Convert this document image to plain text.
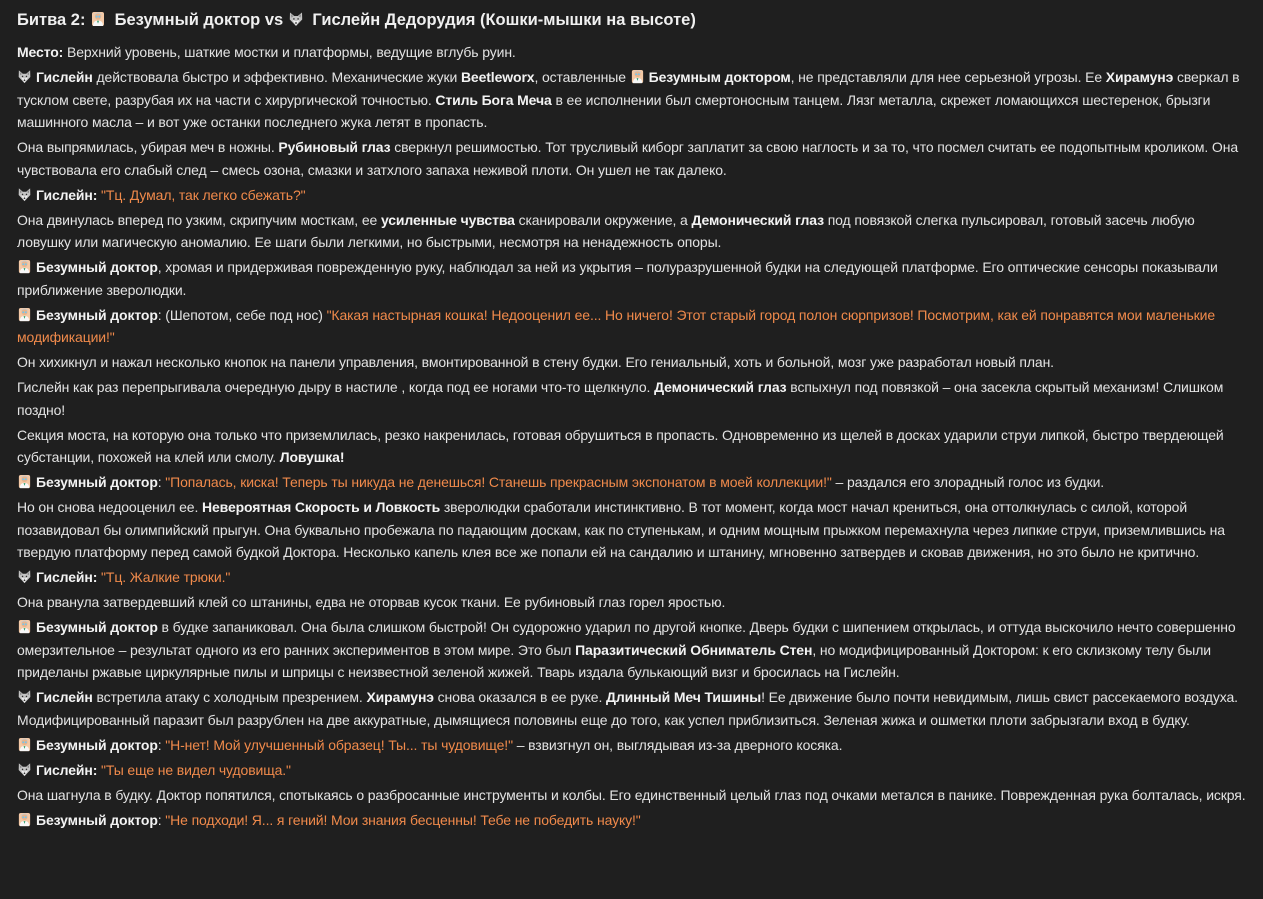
Битва 2: Безумный доктор vs Гислейн Дедорудия (Кошки-мышки на высоте)

Место: Верхний уровень, шаткие мостки и платформы, ведущие вглубь руин.

Гислейн действовала быстро и эффективно. Механические жуки Beetleworx, оставленные
Безумным доктором, не представляли для нее серьезной угрозы. Ее Хирамунэ сверкал в тусклом свете, разрубая их на части с хирургической точностью. Стиль Бога Меча в ее исполнении был смертоносным танцем. Лязг металла, скрежет ломающихся шестеренок, брызги машинного масла – и вот уже останки последнего жука летят в пропасть.

Она выпрямилась, убирая меч в ножны. Рубиновый глаз сверкнул решимостью. Тот трусливый киборг заплатит за свою наглость и за то, что посмел считать ее подопытным кроликом. Она чувствовала его слабый след – смесь озона, смазки и затхлого запаха неживой плоти. Он ушел не так далеко.

Гислейн: "Тц. Думал, так легко сбежать?"

Она двинулась вперед по узким, скрипучим мосткам, ее усиленные чувства сканировали окружение, а Демонический глаз под повязкой слегка пульсировал, готовый засечь любую ловушку или магическую аномалию. Ее шаги были легкими, но быстрыми, несмотря на ненадежность опоры.

Безумный доктор, хромая и придерживая поврежденную руку, наблюдал за ней из укрытия – полуразрушенной будки на следующей платформе. Его оптические сенсоры показывали приближение зверолюдки.

Безумный доктор: (Шепотом, себе под нос) "Какая настырная кошка! Недооценил ее... Но ничего! Этот старый город полон сюрпризов! Посмотрим, как ей понравятся мои маленькие модификации!"

Он хихикнул и нажал несколько кнопок на панели управления, вмонтированной в стену будки. Его гениальный, хоть и больной, мозг уже разработал новый план.

Гислейн как раз перепрыгивала очередную дыру в настиле , когда под ее ногами что-то щелкнуло. Демонический глаз вспыхнул под повязкой – она засекла скрытый механизм! Слишком поздно!

Секция моста, на которую она только что приземлилась, резко накренилась, готовая обрушиться в пропасть. Одновременно из щелей в досках ударили струи липкой, быстро твердеющей субстанции, похожей на клей или смолу. Ловушка!

Безумный доктор: "Попалась, киска! Теперь ты никуда не денешься! Станешь прекрасным экспонатом в моей коллекции!" – раздался его злорадный голос из будки.

Но он снова недооценил ее. Невероятная Скорость и Ловкость зверолюдки сработали инстинктивно. В тот момент, когда мост начал крениться, она оттолкнулась с силой, которой позавидовал бы олимпийский прыгун. Она буквально пробежала по падающим доскам, как по ступенькам, и одним мощным прыжком перемахнула через липкие струи, приземлившись на твердую платформу перед самой будкой Доктора. Несколько капель клея все же попали ей на сандалию и штанину, мгновенно затвердев и сковав движения, но это было не критично.

Гислейн: "Тц. Жалкие трюки."

Она рванула затвердевший клей со штанины, едва не оторвав кусок ткани. Ее рубиновый глаз горел яростью.

Безумный доктор в будке запаниковал. Она была слишком быстрой! Он судорожно ударил по другой кнопке. Дверь будки с шипением открылась, и оттуда выскочило нечто совершенно омерзительное – результат одного из его ранних экспериментов в этом мире. Это был Паразитический Обниматель Стен, но модифицированный Доктором: к его склизкому телу были приделаны ржавые циркулярные пилы и шприцы с неизвестной зеленой жижей. Тварь издала булькающий визг и бросилась на Гислейн.

Гислейн встретила атаку с холодным презрением. Хирамунэ снова оказался в ее руке. Длинный Меч Тишины! Ее движение было почти невидимым, лишь свист рассекаемого воздуха. Модифицированный паразит был разрублен на две аккуратные, дымящиеся половины еще до того, как успел приблизиться. Зеленая жижа и ошметки плоти забрызгали вход в будку.

Безумный доктор: "Н-нет! Мой улучшенный образец! Ты... ты чудовище!" – взвизгнул он, выглядывая из-за дверного косяка.

Гислейн: "Ты еще не видел чудовища."

Она шагнула в будку. Доктор попятился, спотыкаясь о разбросанные инструменты и колбы. Его единственный целый глаз под очками метался в панике. Поврежденная рука болталась, искря.

Безумный доктор: "Не подходи! Я... я гений! Мои знания бесценны! Тебе не победить науку!"
